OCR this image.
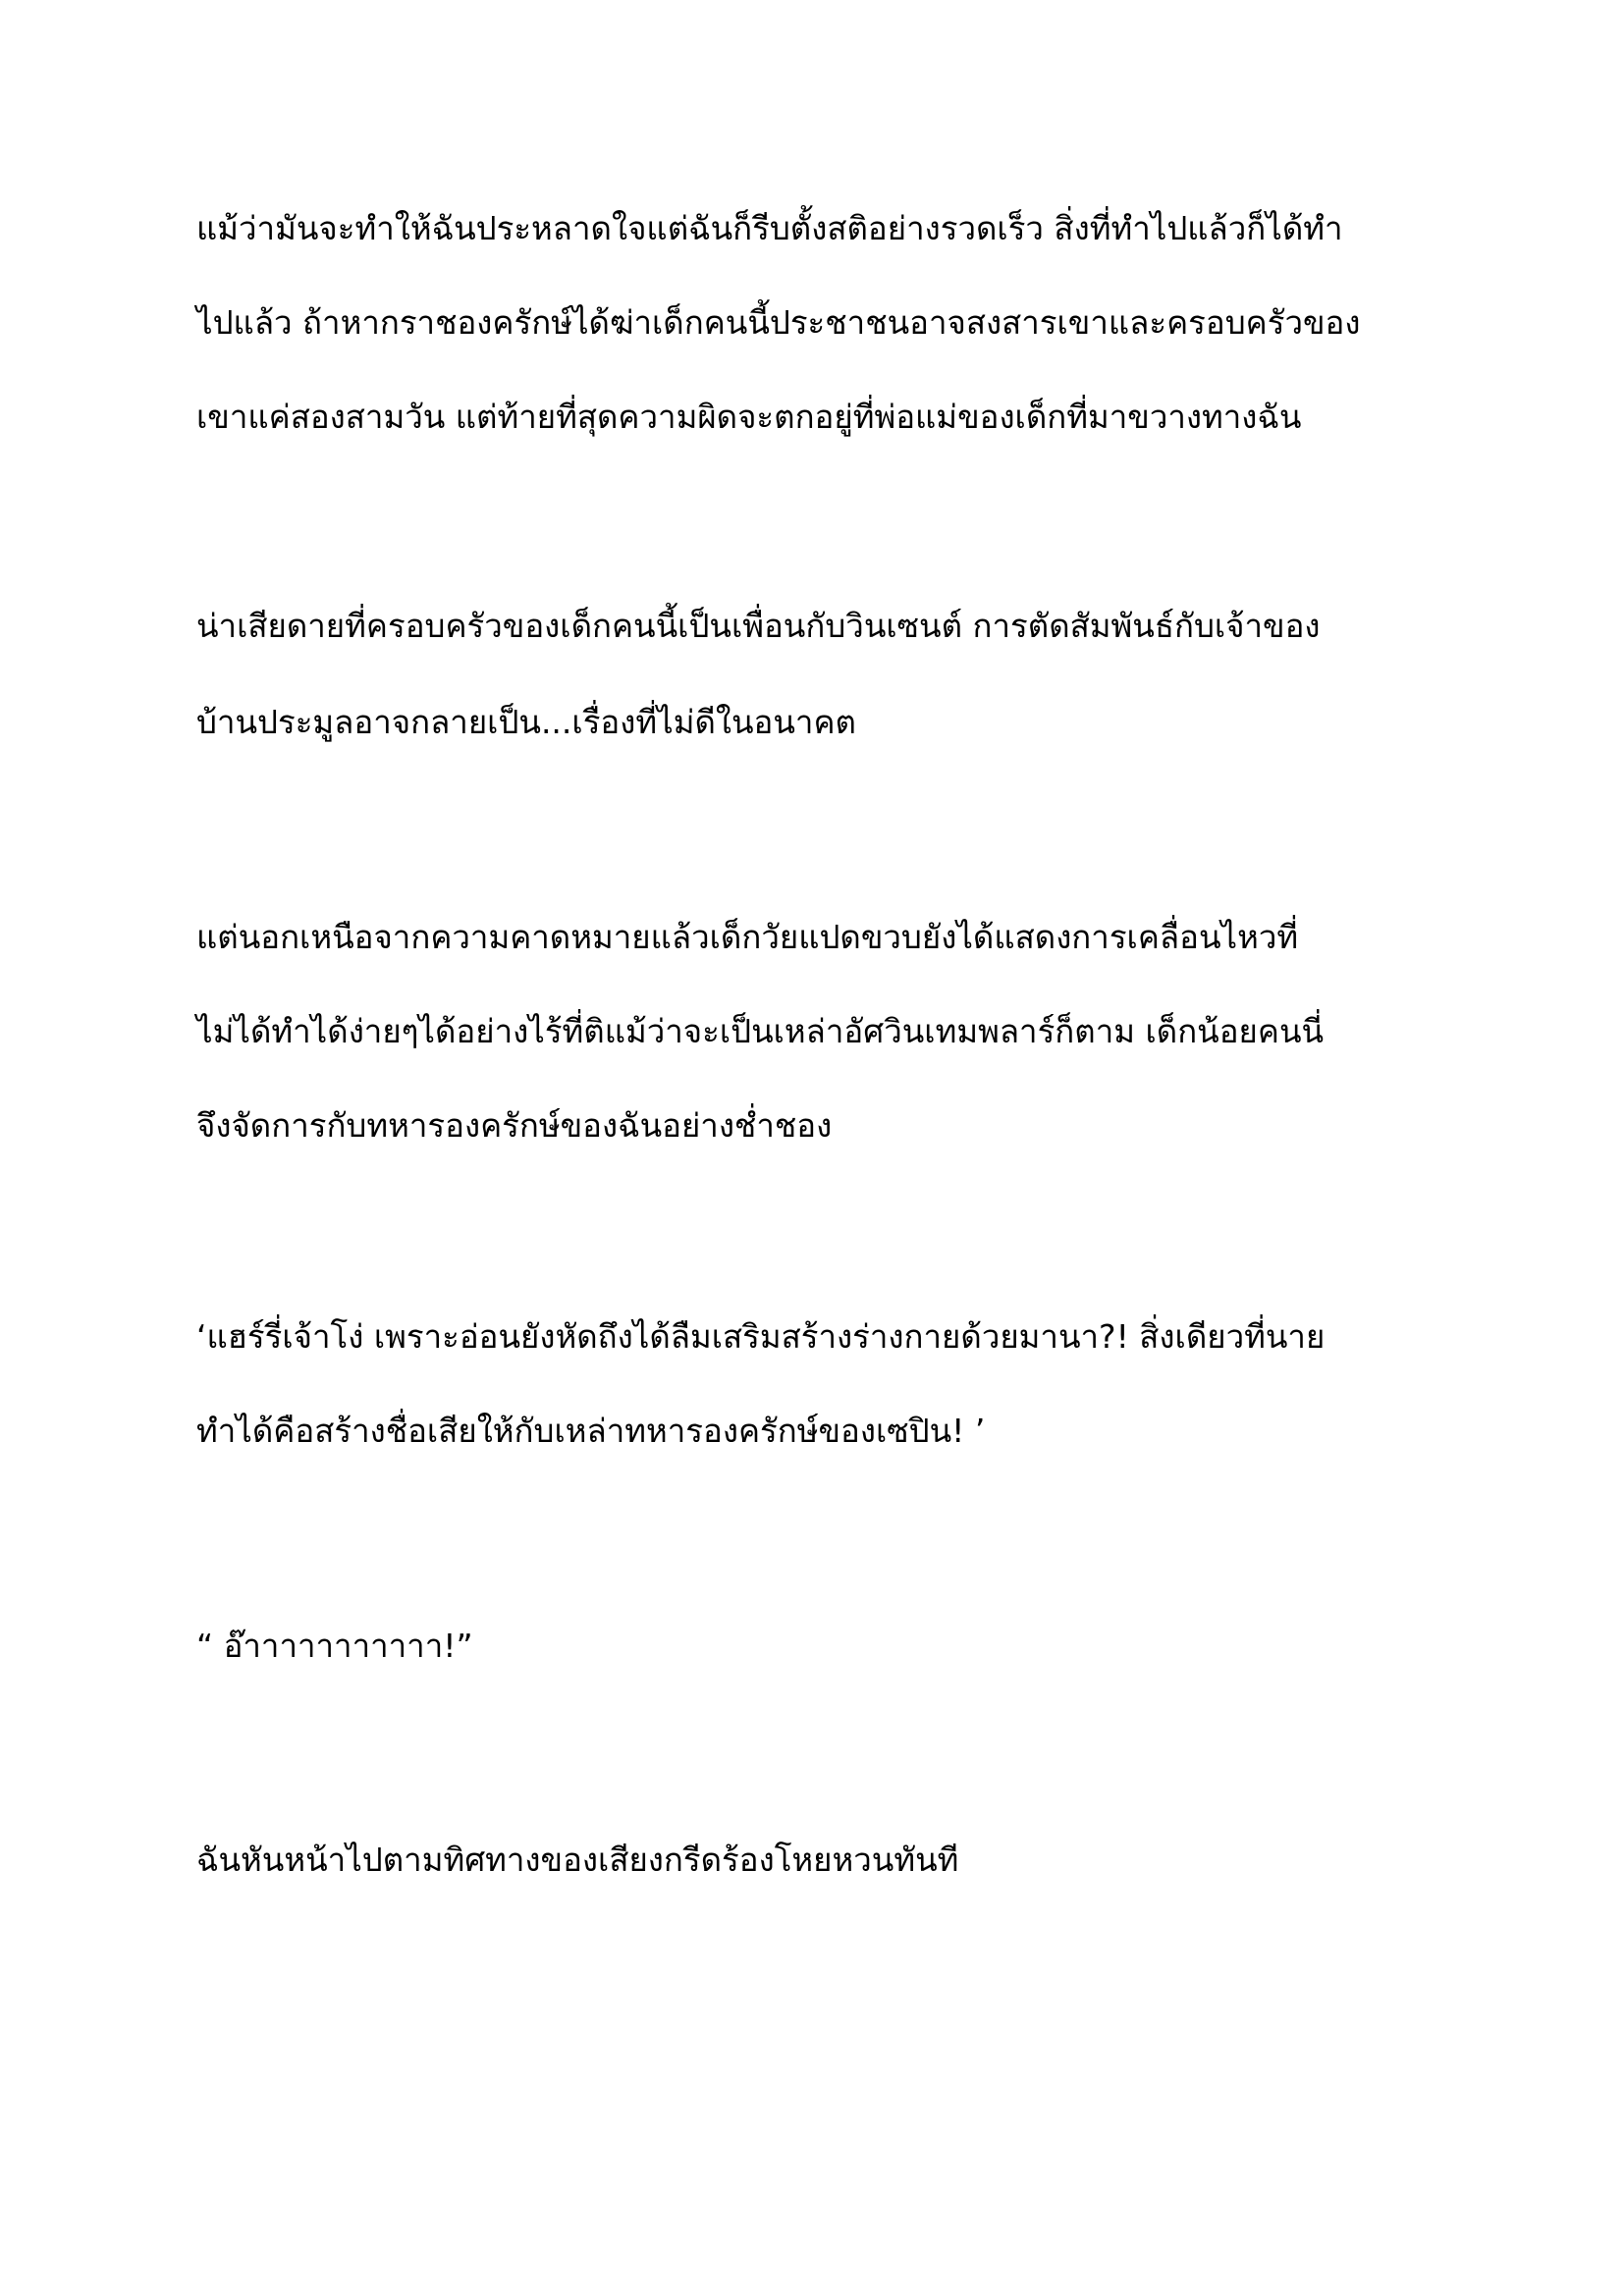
แม้ว่ามันจะทำให้ฉันประหลาดใจแต่ฉันก็รีบตั้งสติอย่างรวดเร็ว สิ่งที่ทำไปแล้วก็ได้ทำ

ไปแล้ว ถ้าหากราชองครักษ์ได้ฆ่าเด็กคนนี้ประชาชนอาจสงสารเขาและครอบครัวของ

เขาแค่สองสามวัน แต่ท้ายที่สุดความผิดจะตกอยู่ที่พ่อแม่ของเด็กที่มาขวางทางฉัน

น่าเสียดายที่ครอบครัวของเด็กคนนี้เป็นเพื่อนกับวินเซนต์ การตัดสัมพันธ์กับเจ้าของ

บ้านประมูลอาจกลายเป็น...เรื่องที่ไม่ดีในอนาคต

แต่นอกเหนือจากความคาดหมายแล้วเด็กวัยแปดขวบยังได้แสดงการเคลื่อนไหวที่

ไม่ได้ทำได้ง่ายๆได้อย่างไร้ที่ติแม้ว่าจะเป็นเหล่าอัศวินเทมพลาร์ก็ตาม เด็กน้อยคนนี่

จึงจัดการกับทหารองครักษ์ของฉันอย่างช่ำชอง

‘แฮร์รี่เจ้าโง่ เพราะอ่อนยังหัดถึงได้ลืมเสริมสร้างร่างกายด้วยมานา?! สิ่งเดียวที่นาย

ทำได้คือสร้างชื่อเสียให้กับเหล่าทหารองครักษ์ของเซปิน! ’

“ อ๊าาาาาาาาาาา!”

ฉันหันหน้าไปตามทิศทางของเสียงกรีดร้องโหยหวนทันที
